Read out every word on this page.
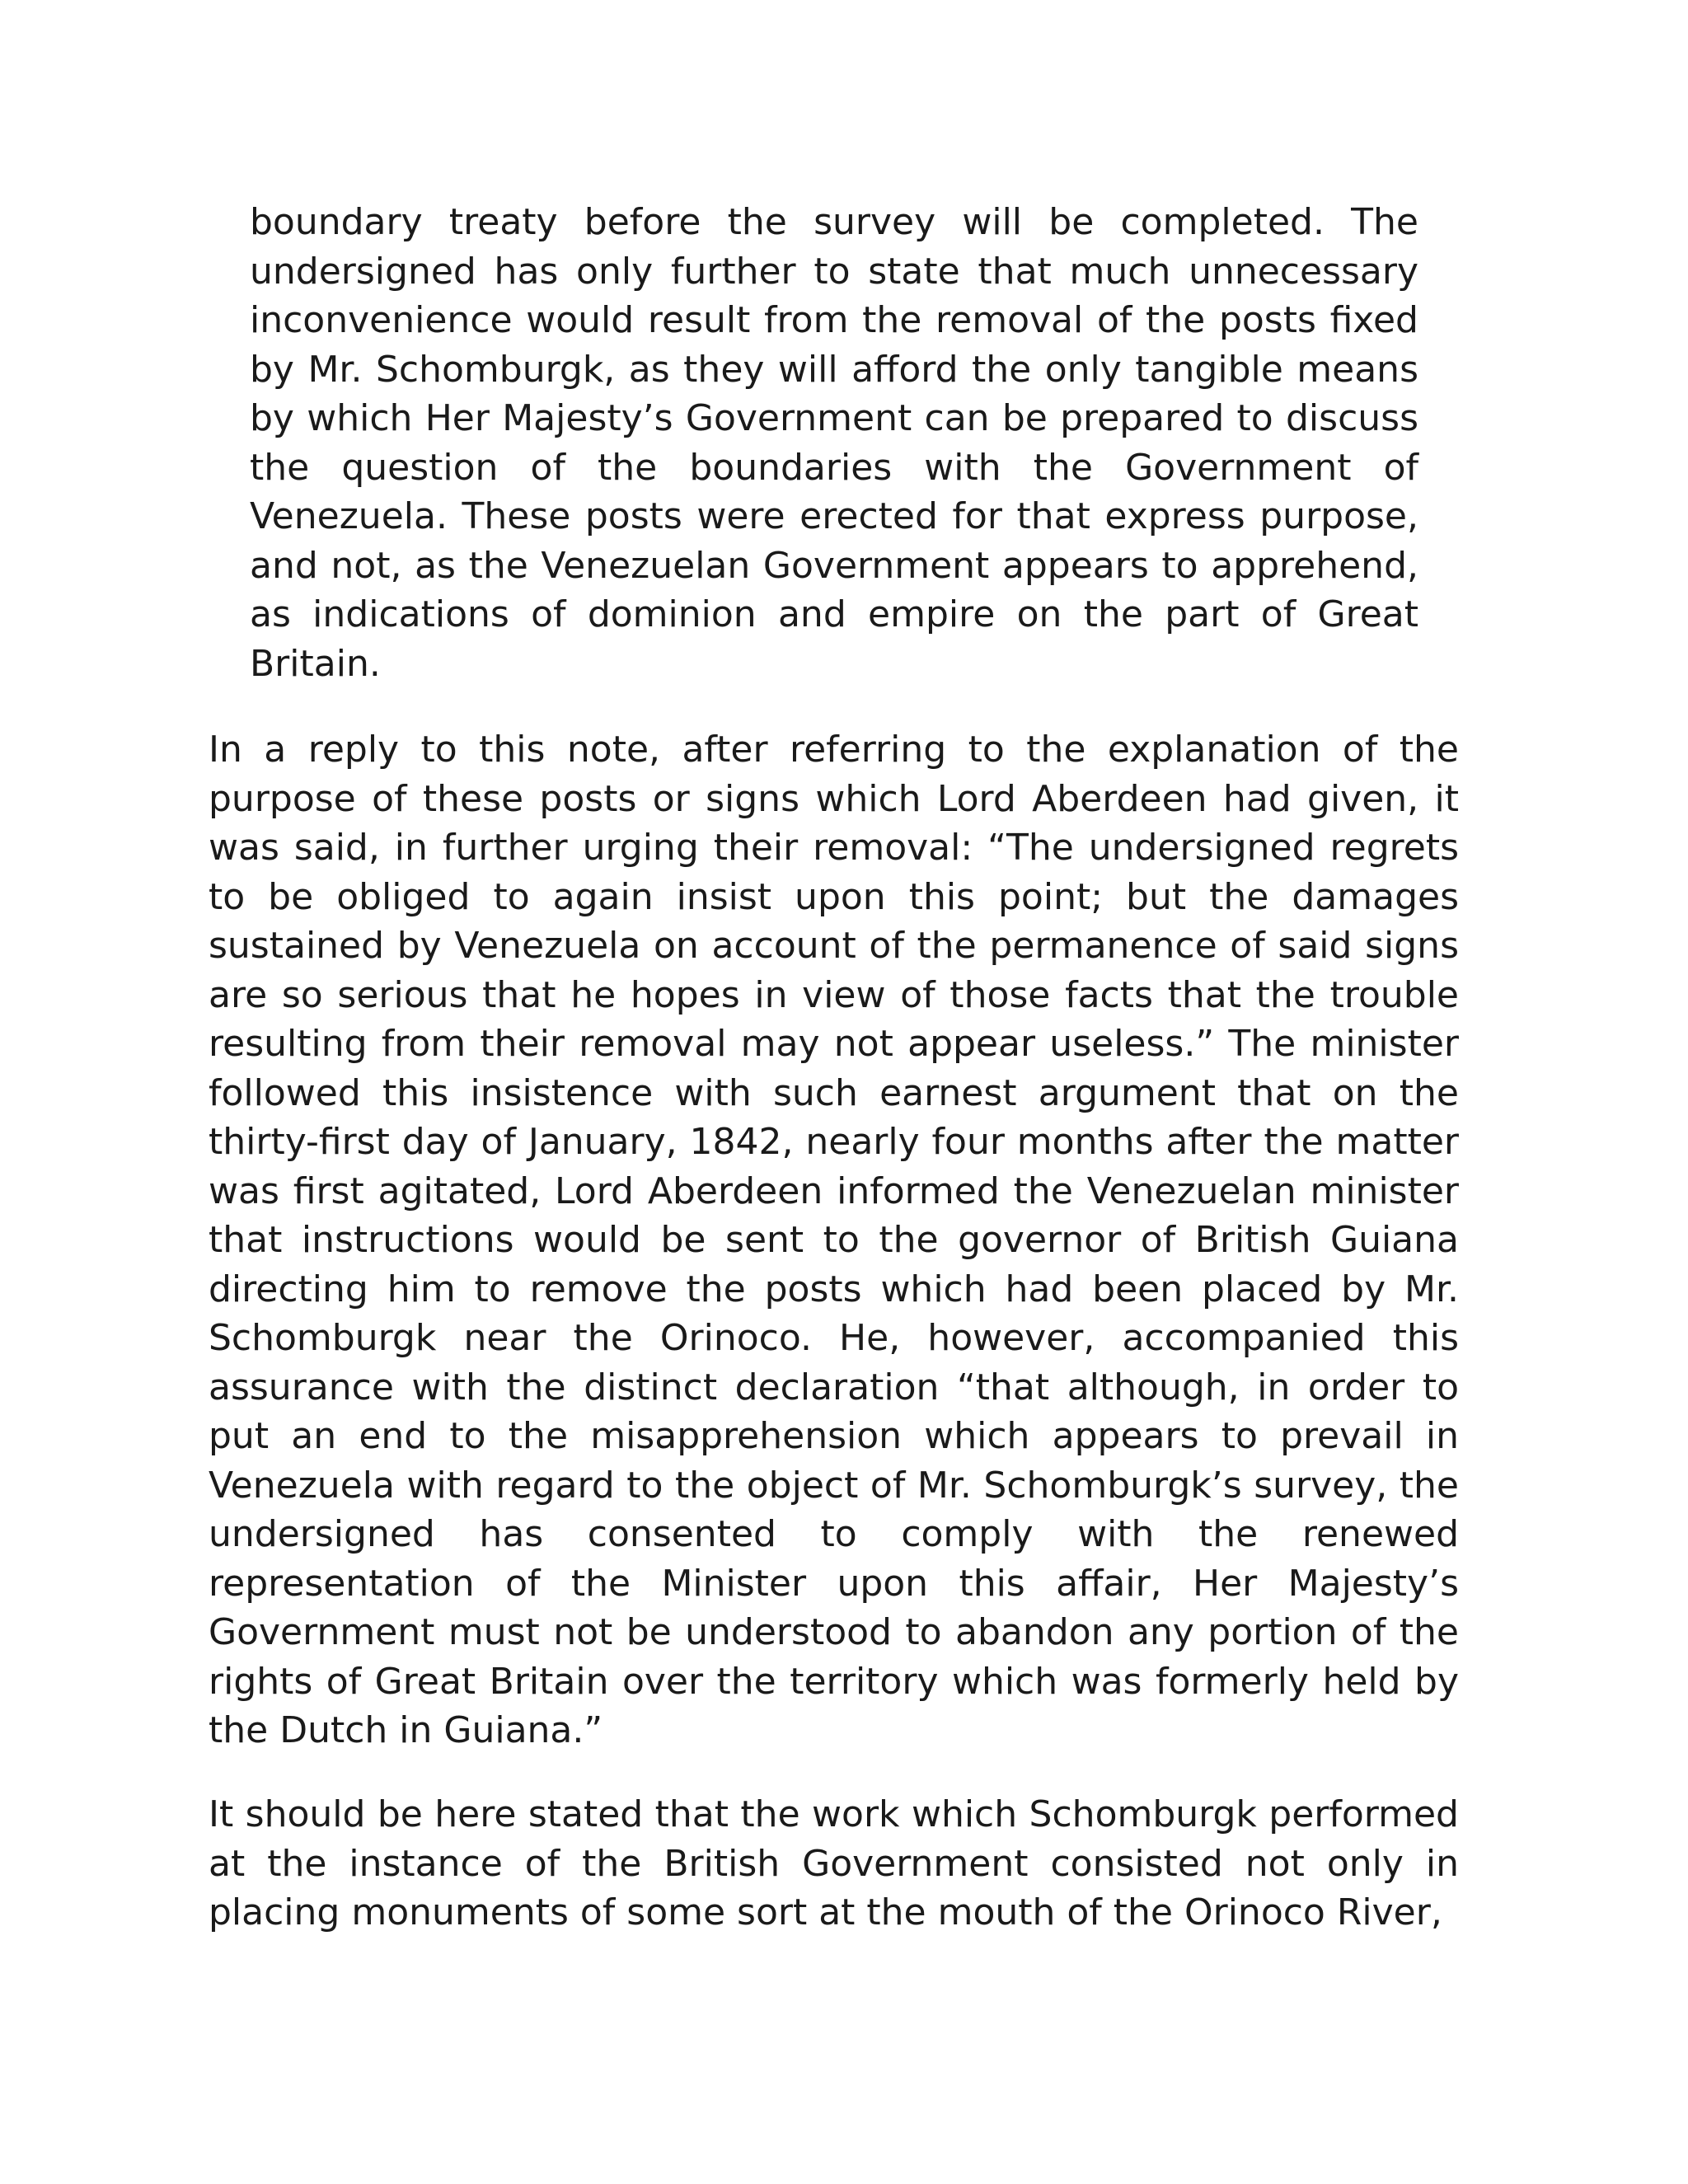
boundary treaty before the survey will be completed. The undersigned has only further to state that much unnecessary inconvenience would result from the removal of the posts fixed by Mr. Schomburgk, as they will afford the only tangible means by which Her Majesty’s Government can be prepared to discuss the question of the boundaries with the Government of Venezuela. These posts were erected for that express purpose, and not, as the Venezuelan Government appears to apprehend, as indications of dominion and empire on the part of Great Britain.

In a reply to this note, after referring to the explanation of the purpose of these posts or signs which Lord Aberdeen had given, it was said, in further urging their removal: “The undersigned regrets to be obliged to again insist upon this point; but the damages sustained by Venezuela on account of the permanence of said signs are so serious that he hopes in view of those facts that the trouble resulting from their removal may not appear useless.” The minister followed this insistence with such earnest argument that on the thirty-first day of January, 1842, nearly four months after the matter was first agitated, Lord Aberdeen informed the Venezuelan minister that instructions would be sent to the governor of British Guiana directing him to remove the posts which had been placed by Mr. Schomburgk near the Orinoco. He, however, accompanied this assurance with the distinct declaration “that although, in order to put an end to the misapprehension which appears to prevail in Venezuela with regard to the object of Mr. Schomburgk’s survey, the undersigned has consented to comply with the renewed representation of the Minister upon this affair, Her Majesty’s Government must not be understood to abandon any portion of the rights of Great Britain over the territory which was formerly held by the Dutch in Guiana.”

It should be here stated that the work which Schomburgk performed at the instance of the British Government consisted not only in placing monuments of some sort at the mouth of the Orinoco River,
